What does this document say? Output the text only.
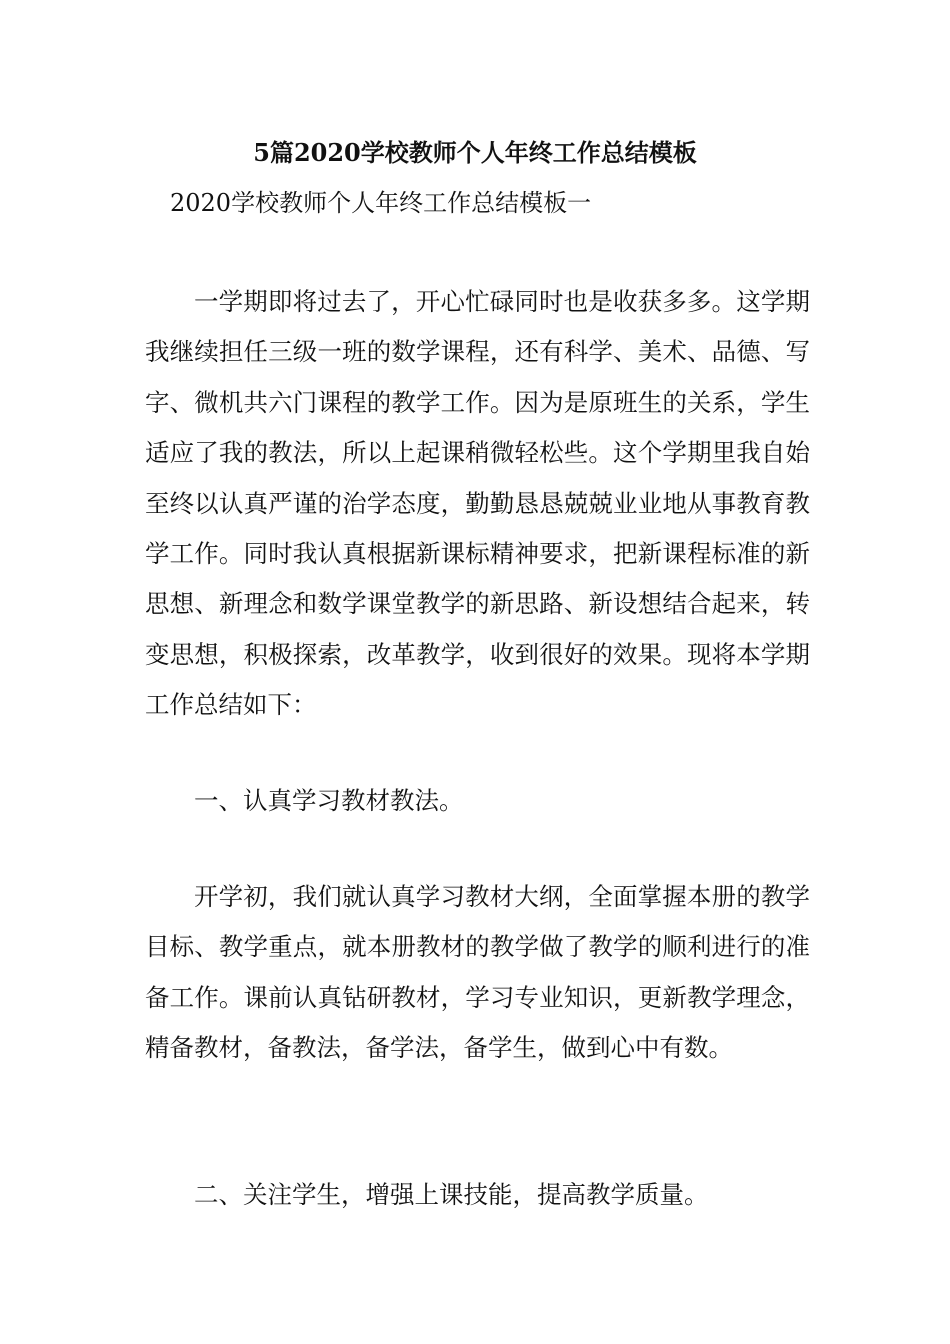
5篇2020学校教师个人年终工作总结模板

2020学校教师个人年终工作总结模板一

一学期即将过去了，开心忙碌同时也是收获多多。这学期我继续担任三级一班的数学课程，还有科学、美术、品德、写字、微机共六门课程的教学工作。因为是原班生的关系，学生适应了我的教法，所以上起课稍微轻松些。这个学期里我自始至终以认真严谨的治学态度，勤勤恳恳兢兢业业地从事教育教学工作。同时我认真根据新课标精神要求，把新课程标准的新思想、新理念和数学课堂教学的新思路、新设想结合起来，转变思想，积极探索，改革教学，收到很好的效果。现将本学期工作总结如下：

一、认真学习教材教法。

开学初，我们就认真学习教材大纲，全面掌握本册的教学目标、教学重点，就本册教材的教学做了教学的顺利进行的准备工作。课前认真钻研教材，学习专业知识，更新教学理念，精备教材，备教法，备学法，备学生，做到心中有数。

二、关注学生，增强上课技能，提高教学质量。
